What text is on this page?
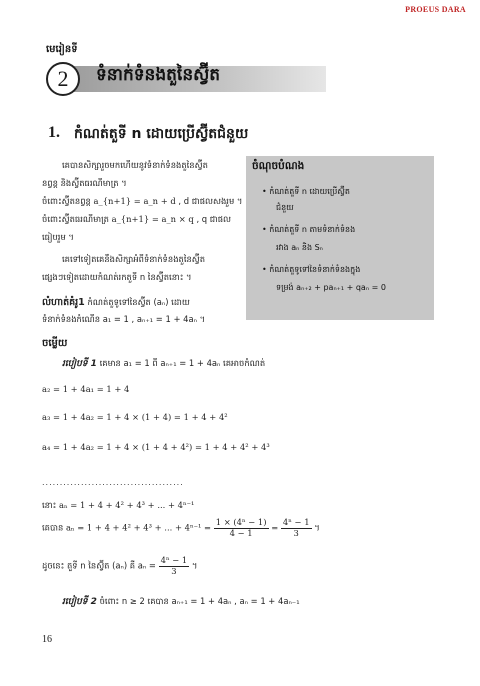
PROEUS DARA
មេរៀនទី
2	ទំនាក់ទំនងតួនៃស្វ៊ីត
1. កំណត់តួទី n ដោយប្រើស្វ៊ីតជំនួយ
គេបានសិក្សារួចមកហើយនូវទំនាក់ទំនងតួនៃស្វ៊ីត
នព្វន្ត និងស្វ៊ីតធរណីមាត្រ ។
ចំពោះស្វ៊ីតនព្វន្ត a_{n+1} = a_n + d , d ជាផលសងរួម ។
ចំពោះស្វ៊ីតធរណីមាត្រ a_{n+1} = a_n × q , q ជាផល
ធៀបរួម ។
គេទៅទៀតគេនឹងសិក្សាអំពីទំនាក់ទំនងតួនៃស្វ៊ីត
ផ្សេងៗទៀតដោយកំណត់រកតួទី n នៃស្វ៊ីតនោះ ។
ចំណុចបំណង
• កំណត់តួទី n ដោយប្រើស្វ៊ីត
ជំនួយ
• កំណត់តួទី n តាមទំនាក់ទំនង
រវាង aₙ និង Sₙ
• កំណត់តួទូទៅនៃទំនាក់ទំនងក្នុង
ទម្រង់ aₙ₊₂ + paₙ₊₁ + qaₙ = 0
លំហាត់គំរូ1 កំណត់តួទូទៅនៃស្វ៊ីត (aₙ) ដោយ
ទំនាក់ទំនងកំណើន a₁ = 1 , aₙ₊₁ = 1 + 4aₙ ។
ចម្លើយ
របៀបទី 1 គេមាន a₁ = 1 ពី aₙ₊₁ = 1 + 4aₙ គេអាចកំណត់
a₂ = 1 + 4a₁ = 1 + 4
a₃ = 1 + 4a₂ = 1 + 4 × (1 + 4) = 1 + 4 + 4²
a₄ = 1 + 4a₂ = 1 + 4 × (1 + 4 + 4²) = 1 + 4 + 4² + 4³
........................................
នោះ aₙ = 1 + 4 + 4² + 4³ + ... + 4ⁿ⁻¹
គេបាន aₙ = 1 + 4 + 4² + 4³ + ... + $4^{n-1} = \frac{\text{1 × (4ⁿ − 1)}}{4 - 1} = \frac{\text{4ⁿ − 1}}{3}$ ។
ដូចនេះ តួទី n នៃស្វ៊ីត (aₙ) គឺ $a_n = \frac{\text{4ⁿ − 1}}{3}$ ។
របៀបទី 2 ចំពោះ n ≥ 2 គេបាន aₙ₊₁ = 1 + 4aₙ , aₙ = 1 + 4aₙ₋₁
16
